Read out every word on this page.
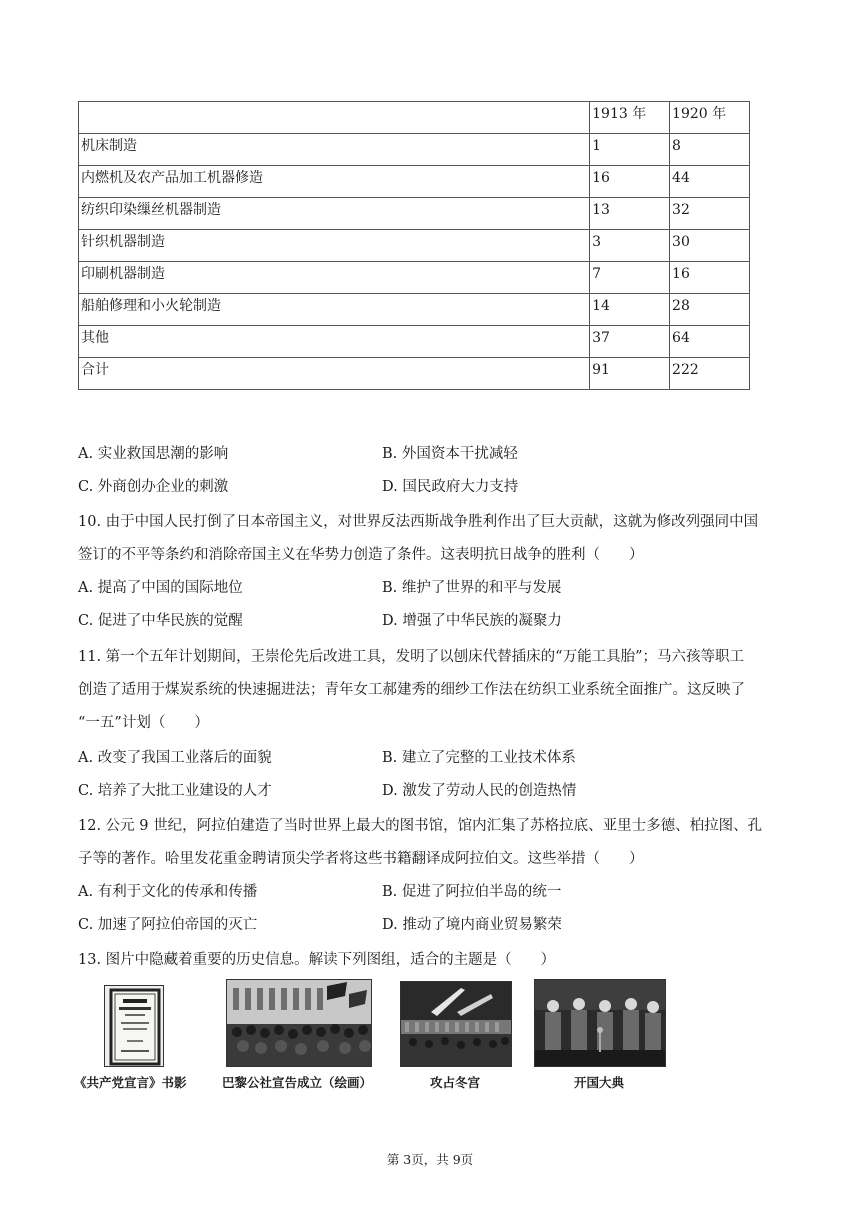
	1913 年	1920 年
机床制造	1	8
内燃机及农产品加工机器修造	16	44
纺织印染缫丝机器制造	13	32
针织机器制造	3	30
印刷机器制造	7	16
船舶修理和小火轮制造	14	28
其他	37	64
合计	91	222
A. 实业救国思潮的影响	B. 外国资本干扰减轻
C. 外商创办企业的刺激	D. 国民政府大力支持
10. 由于中国人民打倒了日本帝国主义，对世界反法西斯战争胜利作出了巨大贡献，这就为修改列强同中国
签订的不平等条约和消除帝国主义在华势力创造了条件。这表明抗日战争的胜利（　　）
A. 提高了中国的国际地位	B. 维护了世界的和平与发展
C. 促进了中华民族的觉醒	D. 增强了中华民族的凝聚力
11. 第一个五年计划期间，王崇伦先后改进工具，发明了以刨床代替插床的“万能工具胎”；马六孩等职工
创造了适用于煤炭系统的快速掘进法；青年女工郝建秀的细纱工作法在纺织工业系统全面推广。这反映了
“一五”计划（　　）
A. 改变了我国工业落后的面貌	B. 建立了完整的工业技术体系
C. 培养了大批工业建设的人才	D. 激发了劳动人民的创造热情
12. 公元 9 世纪，阿拉伯建造了当时世界上最大的图书馆，馆内汇集了苏格拉底、亚里士多德、柏拉图、孔
子等的著作。哈里发花重金聘请顶尖学者将这些书籍翻译成阿拉伯文。这些举措（　　）
A. 有利于文化的传承和传播	B. 促进了阿拉伯半岛的统一
C. 加速了阿拉伯帝国的灭亡	D. 推动了境内商业贸易繁荣
13. 图片中隐藏着重要的历史信息。解读下列图组，适合的主题是（　　）
《共产党宣言》书影	巴黎公社宣告成立（绘画）	攻占冬宫	开国大典
第 3页，共 9页
